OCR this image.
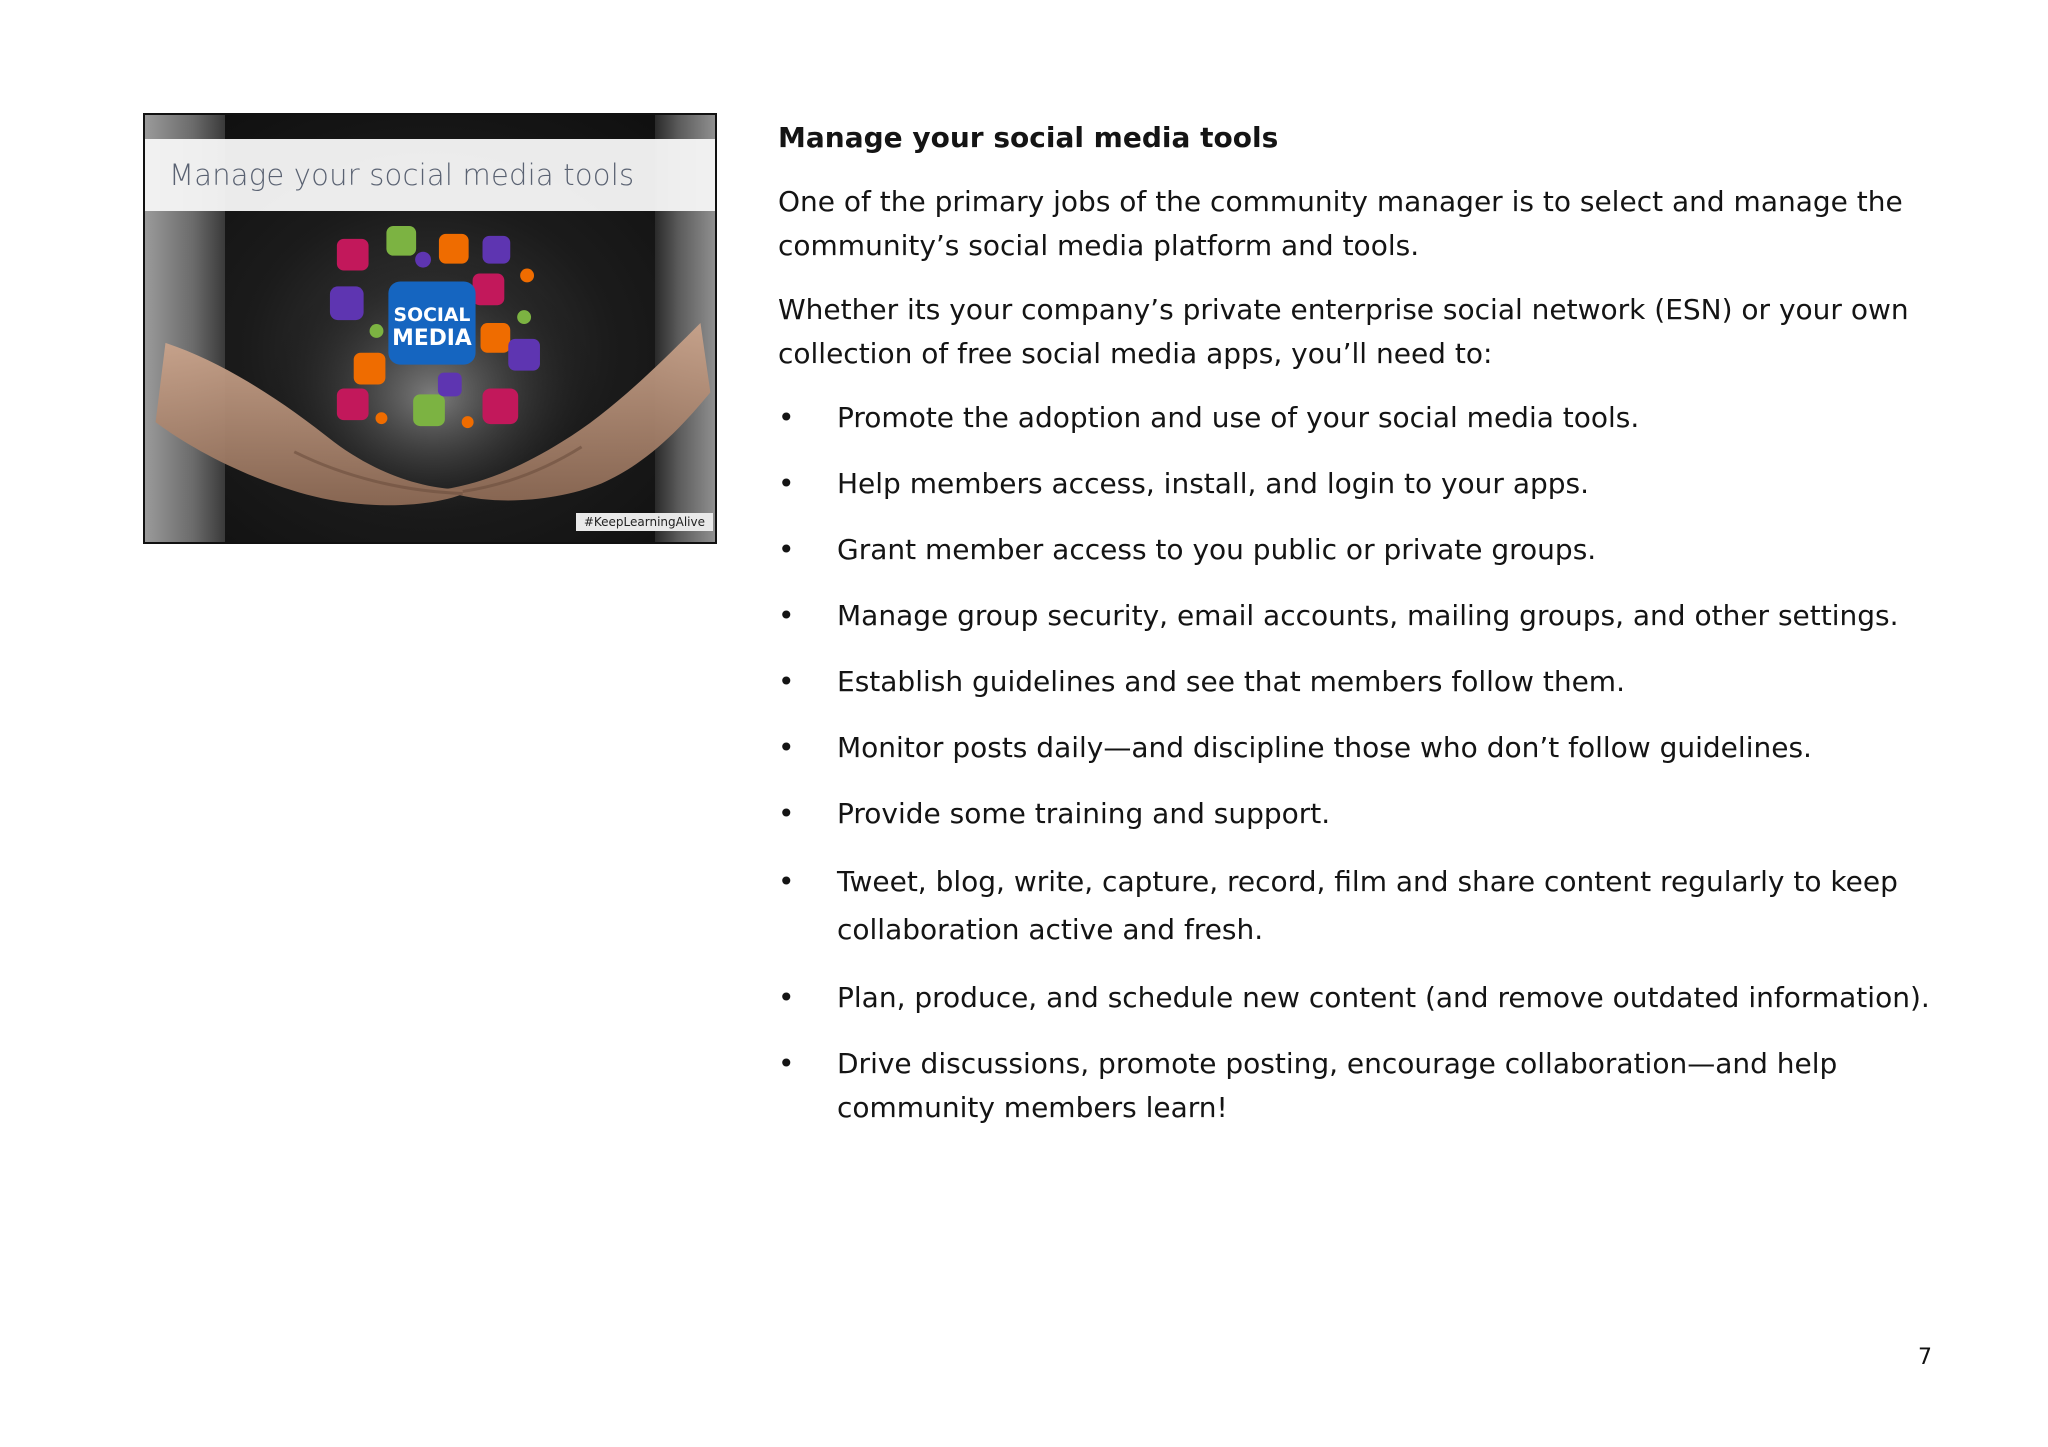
SOCIAL
MEDIA
Manage your social media tools
#KeepLearningAlive
Manage your social media tools

One of the primary jobs of the community manager is to select and manage the community’s social media platform and tools.

Whether its your company’s private enterprise social network (ESN) or your own collection of free social media apps, you’ll need to:

• Promote the adoption and use of your social media tools.
• Help members access, install, and login to your apps.
• Grant member access to you public or private groups.
• Manage group security, email accounts, mailing groups, and other settings.
• Establish guidelines and see that members follow them.
• Monitor posts daily—and discipline those who don’t follow guidelines.
• Provide some training and support.
• Tweet, blog, write, capture, record, film and share content regularly to keep collaboration active and fresh.
• Plan, produce, and schedule new content (and remove outdated information).
• Drive discussions, promote posting, encourage collaboration—and help community members learn!
7
